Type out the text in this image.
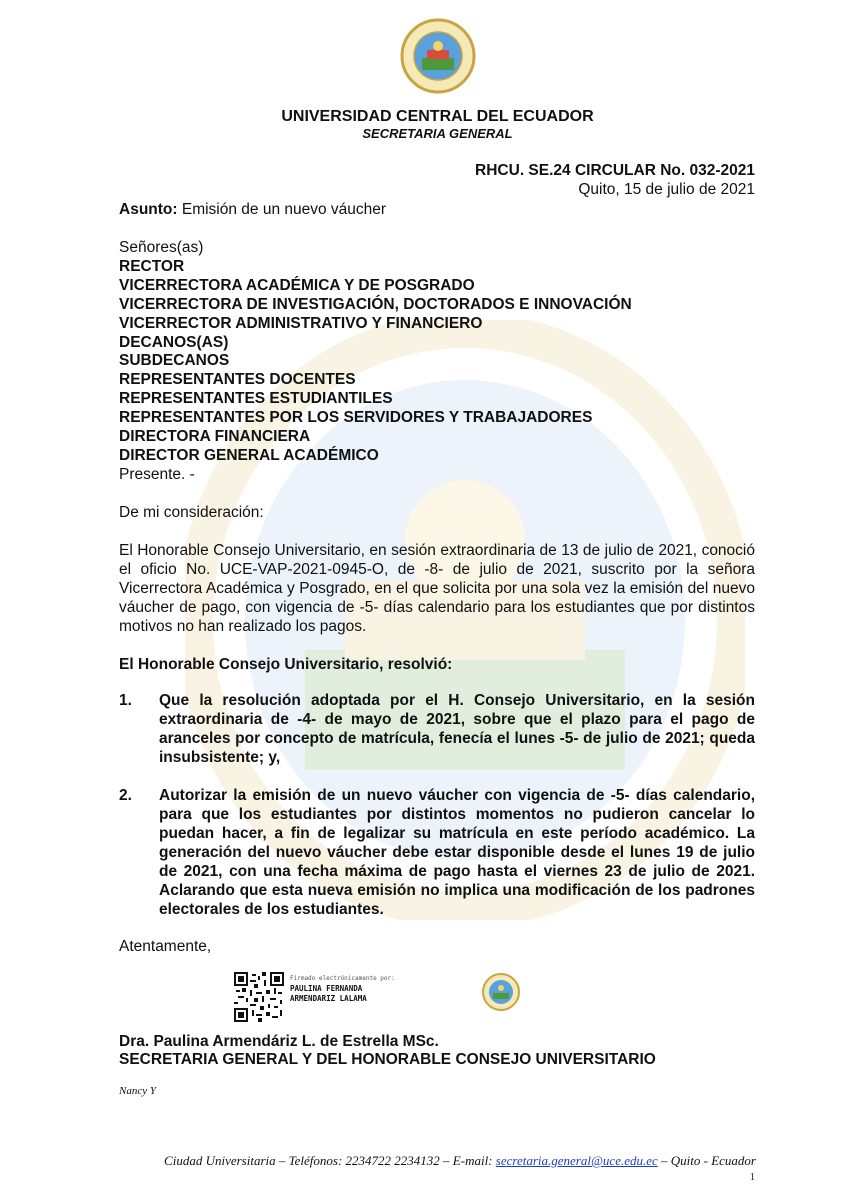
UNIVERSIDAD CENTRAL DEL ECUADOR
SECRETARIA GENERAL
RHCU. SE.24 CIRCULAR No. 032-2021
Quito, 15 de julio de 2021
Asunto: Emisión de un nuevo váucher
Señores(as)
RECTOR
VICERRECTORA ACADÉMICA Y DE POSGRADO
VICERRECTORA DE INVESTIGACIÓN, DOCTORADOS E INNOVACIÓN
VICERRECTOR ADMINISTRATIVO Y FINANCIERO
DECANOS(AS)
SUBDECANOS
REPRESENTANTES DOCENTES
REPRESENTANTES ESTUDIANTILES
REPRESENTANTES POR LOS SERVIDORES Y TRABAJADORES
DIRECTORA FINANCIERA
DIRECTOR GENERAL ACADÉMICO
Presente. -
De mi consideración:
El Honorable Consejo Universitario, en sesión extraordinaria de 13 de julio de 2021, conoció el oficio No. UCE-VAP-2021-0945-O, de -8- de julio de 2021, suscrito por la señora Vicerrectora Académica y Posgrado, en el que solicita por una sola vez la emisión del nuevo váucher de pago, con vigencia de -5- días calendario para los estudiantes que por distintos motivos no han realizado los pagos.
El Honorable Consejo Universitario, resolvió:
1. Que la resolución adoptada por el H. Consejo Universitario, en la sesión extraordinaria de -4- de mayo de 2021, sobre que el plazo para el pago de aranceles por concepto de matrícula, fenecía el lunes -5- de julio de 2021; queda insubsistente; y,
2. Autorizar la emisión de un nuevo váucher con vigencia de -5- días calendario, para que los estudiantes por distintos momentos no pudieron cancelar lo puedan hacer, a fin de legalizar su matrícula en este período académico. La generación del nuevo váucher debe estar disponible desde el lunes 19 de julio de 2021, con una fecha máxima de pago hasta el viernes 23 de julio de 2021. Aclarando que esta nueva emisión no implica una modificación de los padrones electorales de los estudiantes.
Atentamente,
Firmado electrónicamente por:
PAULINA FERNANDA
ARMENDARIZ LALAMA
Dra. Paulina Armendáriz L. de Estrella MSc.
SECRETARIA GENERAL Y DEL HONORABLE CONSEJO UNIVERSITARIO
Nancy Y
Ciudad Universitaria – Teléfonos: 2234722 2234132 – E-mail: secretaria.general@uce.edu.ec – Quito - Ecuador
1
